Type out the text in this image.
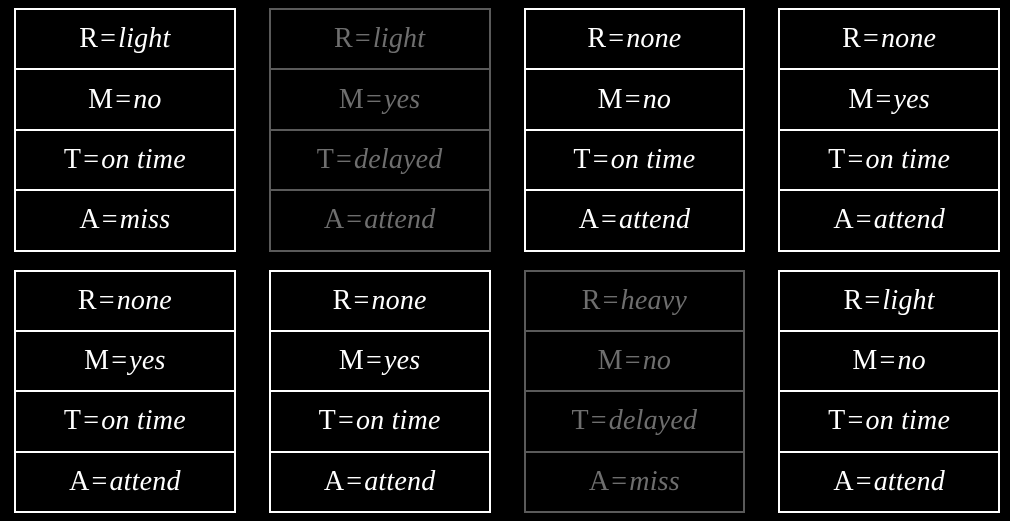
R=light
M=no
T=on time
A=miss
R=light
M=yes
T=delayed
A=attend
R=none
M=no
T=on time
A=attend
R=none
M=yes
T=on time
A=attend
R=none
M=yes
T=on time
A=attend
R=none
M=yes
T=on time
A=attend
R=heavy
M=no
T=delayed
A=miss
R=light
M=no
T=on time
A=attend
